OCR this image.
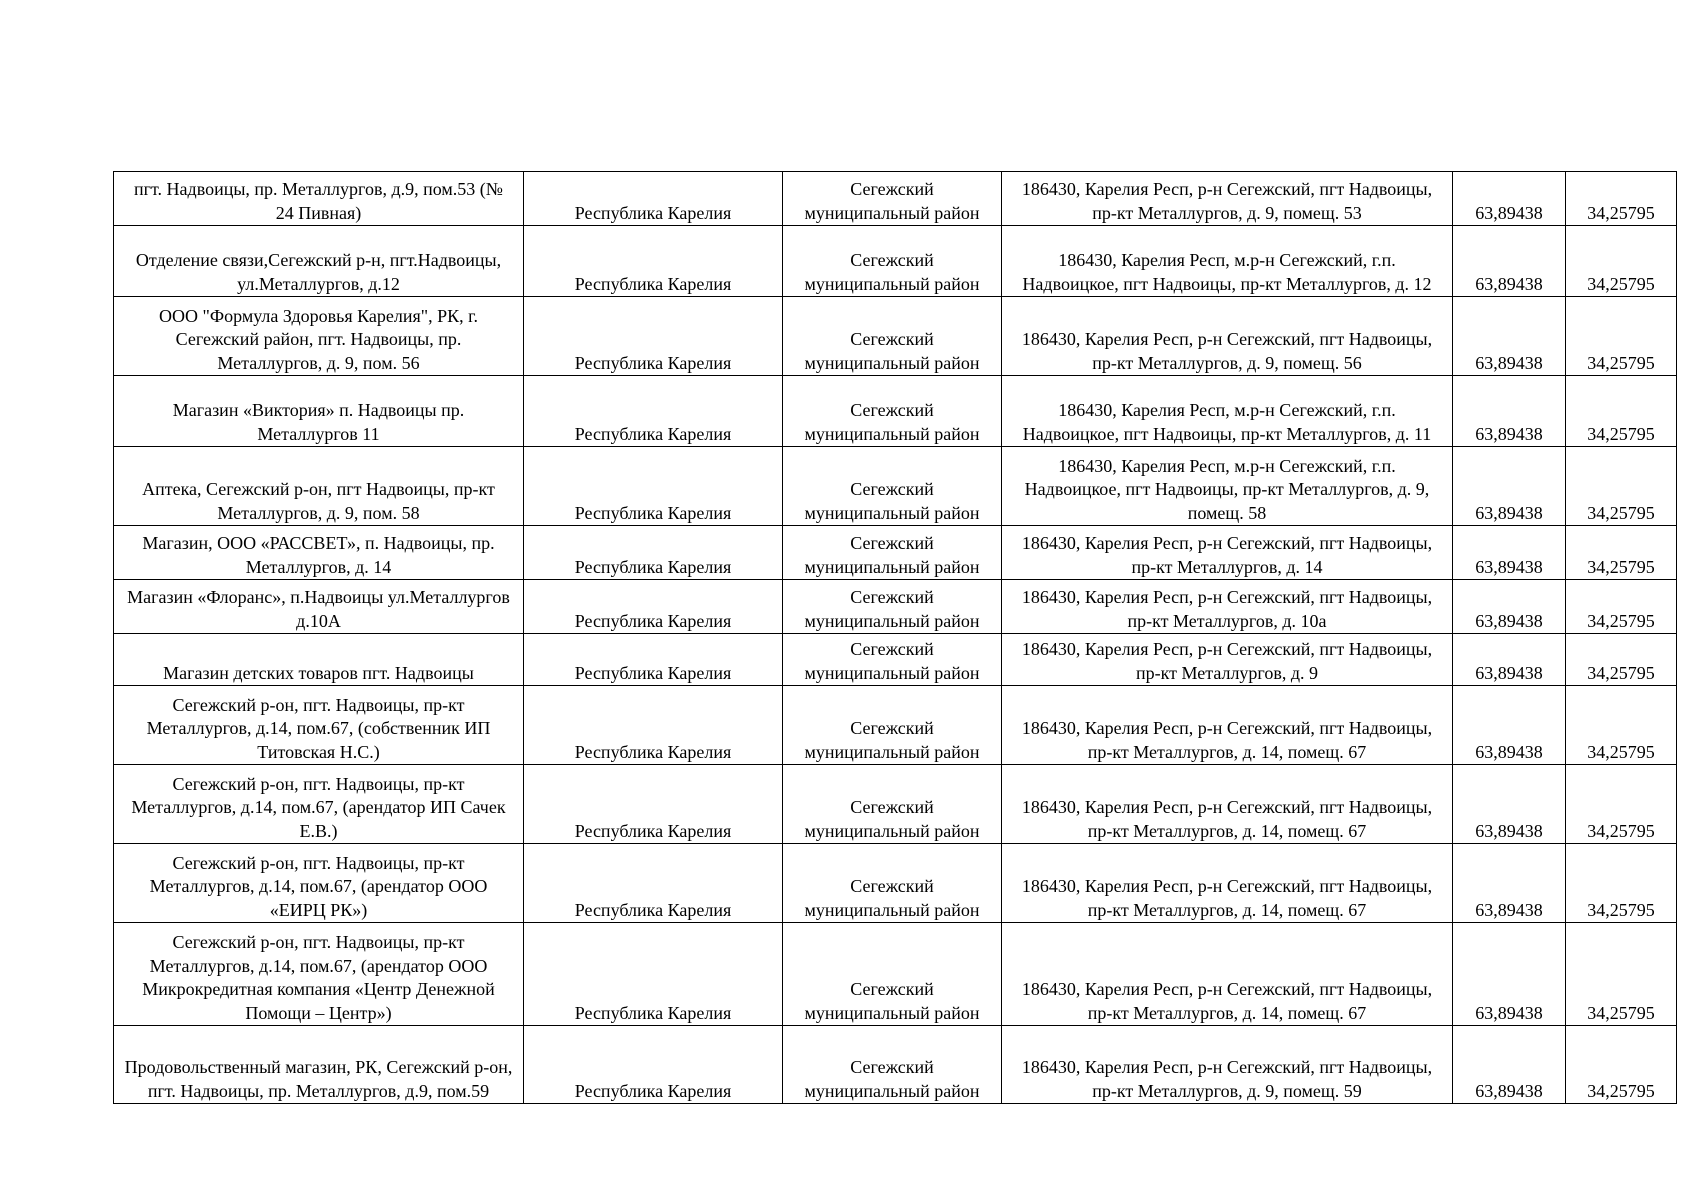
пгт. Надвоицы, пр. Металлургов, д.9, пом.53 (№ 24 Пивная)	Республика Карелия	Сегежский муниципальный район	186430, Карелия Респ, р-н Сегежский, пгт Надвоицы, пр-кт Металлургов, д. 9, помещ. 53	63,89438	34,25795
Отделение связи,Сегежский р-н, пгт.Надвоицы, ул.Металлургов, д.12	Республика Карелия	Сегежский муниципальный район	186430, Карелия Респ, м.р-н Сегежский, г.п. Надвоицкое, пгт Надвоицы, пр-кт Металлургов, д. 12	63,89438	34,25795
ООО "Формула Здоровья Карелия", РК, г. Сегежский район, пгт. Надвоицы, пр. Металлургов, д. 9, пом. 56	Республика Карелия	Сегежский муниципальный район	186430, Карелия Респ, р-н Сегежский, пгт Надвоицы, пр-кт Металлургов, д. 9, помещ. 56	63,89438	34,25795
Магазин «Виктория» п. Надвоицы пр. Металлургов 11	Республика Карелия	Сегежский муниципальный район	186430, Карелия Респ, м.р-н Сегежский, г.п. Надвоицкое, пгт Надвоицы, пр-кт Металлургов, д. 11	63,89438	34,25795
Аптека, Сегежский р-он, пгт Надвоицы, пр-кт Металлургов, д. 9, пом. 58	Республика Карелия	Сегежский муниципальный район	186430, Карелия Респ, м.р-н Сегежский, г.п. Надвоицкое, пгт Надвоицы, пр-кт Металлургов, д. 9, помещ. 58	63,89438	34,25795
Магазин, ООО «РАССВЕТ», п. Надвоицы, пр. Металлургов, д. 14	Республика Карелия	Сегежский муниципальный район	186430, Карелия Респ, р-н Сегежский, пгт Надвоицы, пр-кт Металлургов, д. 14	63,89438	34,25795
Магазин «Флоранс», п.Надвоицы ул.Металлургов д.10А	Республика Карелия	Сегежский муниципальный район	186430, Карелия Респ, р-н Сегежский, пгт Надвоицы, пр-кт Металлургов, д. 10а	63,89438	34,25795
Магазин детских товаров пгт. Надвоицы	Республика Карелия	Сегежский муниципальный район	186430, Карелия Респ, р-н Сегежский, пгт Надвоицы, пр-кт Металлургов, д. 9	63,89438	34,25795
Сегежский р-он, пгт. Надвоицы, пр-кт Металлургов, д.14, пом.67, (собственник ИП Титовская Н.С.)	Республика Карелия	Сегежский муниципальный район	186430, Карелия Респ, р-н Сегежский, пгт Надвоицы, пр-кт Металлургов, д. 14, помещ. 67	63,89438	34,25795
Сегежский р-он, пгт. Надвоицы, пр-кт Металлургов, д.14, пом.67, (арендатор ИП Сачек Е.В.)	Республика Карелия	Сегежский муниципальный район	186430, Карелия Респ, р-н Сегежский, пгт Надвоицы, пр-кт Металлургов, д. 14, помещ. 67	63,89438	34,25795
Сегежский р-он, пгт. Надвоицы, пр-кт Металлургов, д.14, пом.67, (арендатор ООО «ЕИРЦ РК»)	Республика Карелия	Сегежский муниципальный район	186430, Карелия Респ, р-н Сегежский, пгт Надвоицы, пр-кт Металлургов, д. 14, помещ. 67	63,89438	34,25795
Сегежский р-он, пгт. Надвоицы, пр-кт Металлургов, д.14, пом.67, (арендатор ООО Микрокредитная компания «Центр Денежной Помощи – Центр»)	Республика Карелия	Сегежский муниципальный район	186430, Карелия Респ, р-н Сегежский, пгт Надвоицы, пр-кт Металлургов, д. 14, помещ. 67	63,89438	34,25795
Продовольственный магазин, РК, Сегежский р-он, пгт. Надвоицы, пр. Металлургов, д.9, пом.59	Республика Карелия	Сегежский муниципальный район	186430, Карелия Респ, р-н Сегежский, пгт Надвоицы, пр-кт Металлургов, д. 9, помещ. 59	63,89438	34,25795
